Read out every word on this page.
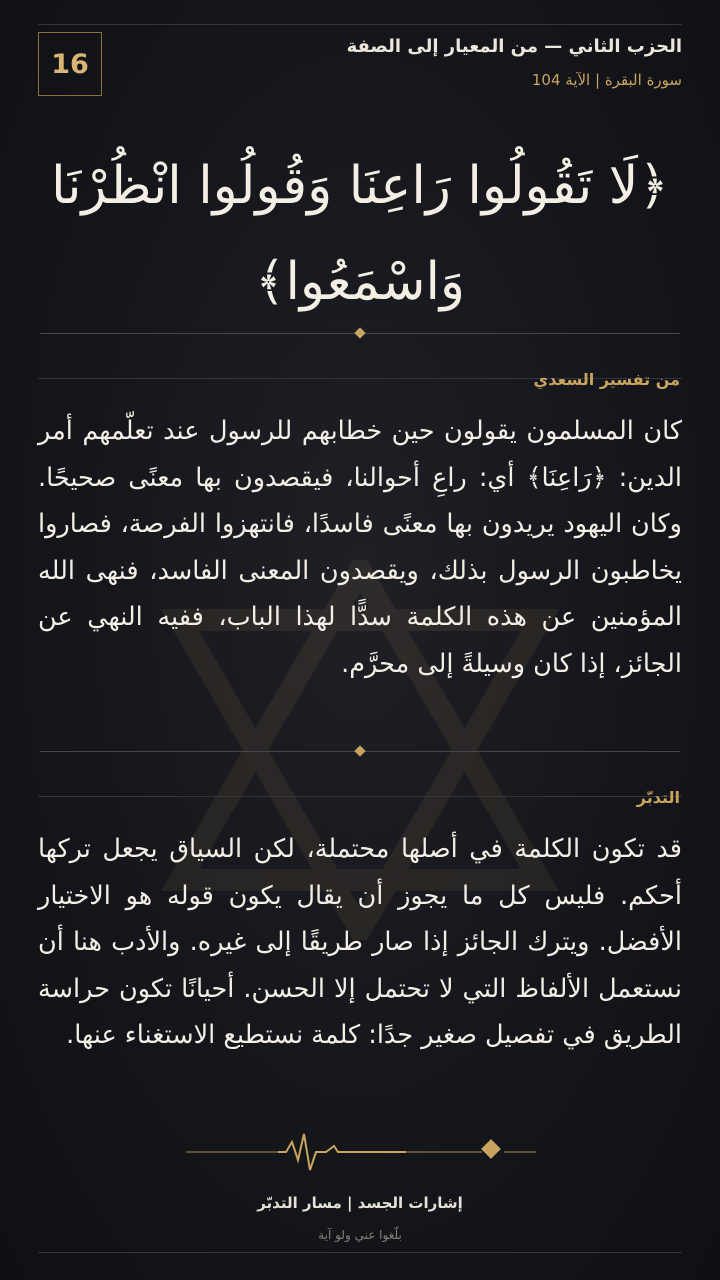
16
الحزب الثاني — من المعيار إلى الصفة
سورة البقرة | الآية 104
﴿لَا تَقُولُوا رَاعِنَا وَقُولُوا انْظُرْنَا وَاسْمَعُوا﴾
من تفسير السعدي
كان المسلمون يقولون حين خطابهم للرسول عند تعلّمهم أمر الدين: ﴿رَاعِنَا﴾ أي: راعِ أحوالنا، فيقصدون بها معنًى صحيحًا. وكان اليهود يريدون بها معنًى فاسدًا، فانتهزوا الفرصة، فصاروا يخاطبون الرسول بذلك، ويقصدون المعنى الفاسد، فنهى الله المؤمنين عن هذه الكلمة سدًّا لهذا الباب، ففيه النهي عن الجائز، إذا كان وسيلةً إلى محرَّم.
التدبّر
قد تكون الكلمة في أصلها محتملة، لكن السياق يجعل تركها أحكم. فليس كل ما يجوز أن يقال يكون قوله هو الاختيار الأفضل. ويترك الجائز إذا صار طريقًا إلى غيره. والأدب هنا أن نستعمل الألفاظ التي لا تحتمل إلا الحسن. أحيانًا تكون حراسة الطريق في تفصيل صغير جدًا: كلمة نستطيع الاستغناء عنها.
إشارات الجسد | مسار التدبّر
بلّغوا عني ولو آية
